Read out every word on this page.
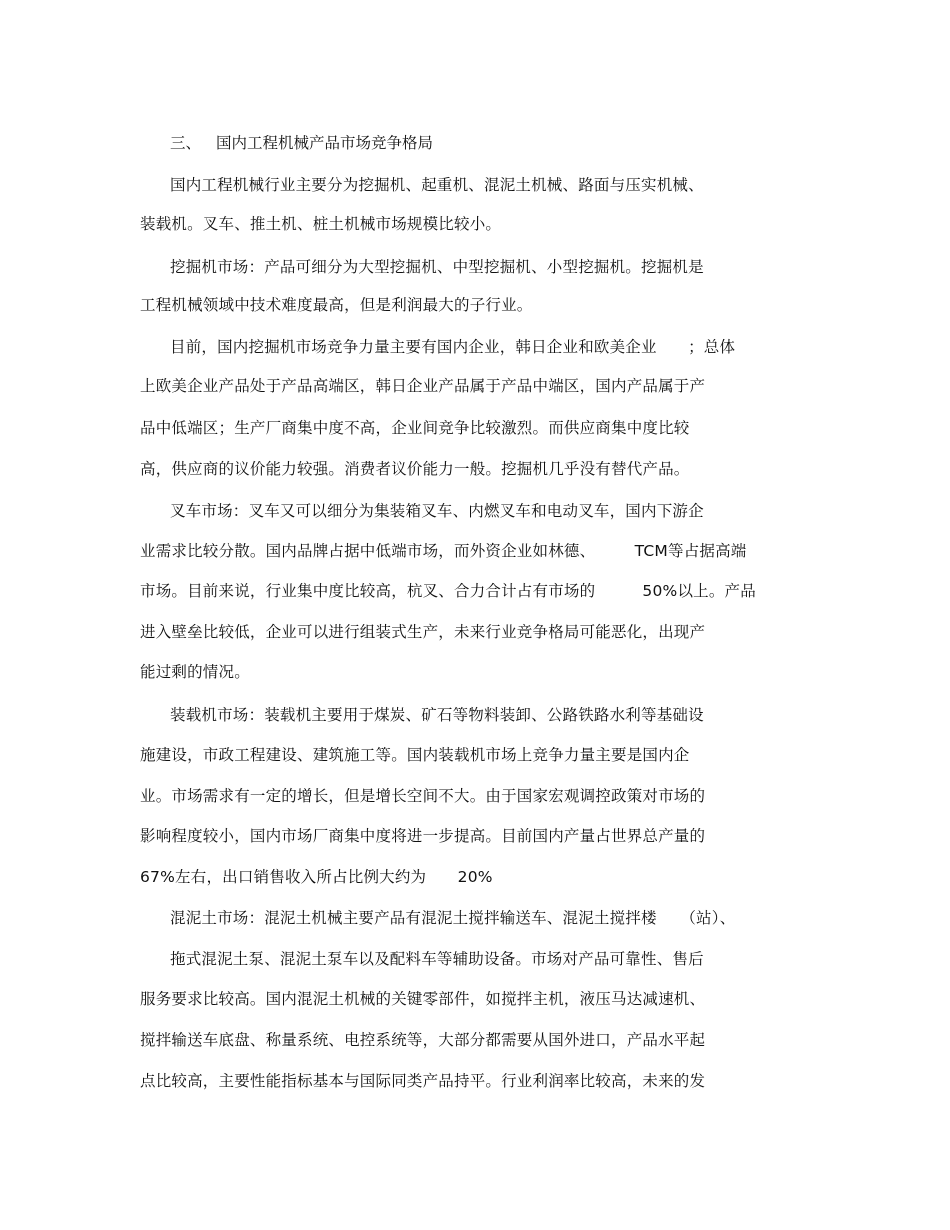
三、 国内工程机械产品市场竞争格局
国内工程机械行业主要分为挖掘机、起重机、混泥土机械、路面与压实机械、
装载机。叉车、推土机、桩土机械市场规模比较小。
挖掘机市场：产品可细分为大型挖掘机、中型挖掘机、小型挖掘机。挖掘机是
工程机械领域中技术难度最高，但是利润最大的子行业。
目前，国内挖掘机市场竞争力量主要有国内企业，韩日企业和欧美企业　　；总体
上欧美企业产品处于产品高端区，韩日企业产品属于产品中端区，国内产品属于产
品中低端区；生产厂商集中度不高，企业间竞争比较激烈。而供应商集中度比较
高，供应商的议价能力较强。消费者议价能力一般。挖掘机几乎没有替代产品。
叉车市场：叉车又可以细分为集装箱叉车、内燃叉车和电动叉车，国内下游企
业需求比较分散。国内品牌占据中低端市场，而外资企业如林德、　　　TCM等占据高端
市场。目前来说，行业集中度比较高，杭叉、合力合计占有市场的　　　50%以上。产品
进入壁垒比较低，企业可以进行组装式生产，未来行业竞争格局可能恶化，出现产
能过剩的情况。
装载机市场：装载机主要用于煤炭、矿石等物料装卸、公路铁路水利等基础设
施建设，市政工程建设、建筑施工等。国内装载机市场上竞争力量主要是国内企
业。市场需求有一定的增长，但是增长空间不大。由于国家宏观调控政策对市场的
影响程度较小，国内市场厂商集中度将进一步提高。目前国内产量占世界总产量的
67%左右，出口销售收入所占比例大约为　　20%
混泥土市场：混泥土机械主要产品有混泥土搅拌输送车、混泥土搅拌楼　　（站）、
拖式混泥土泵、混泥土泵车以及配料车等辅助设备。市场对产品可靠性、售后
服务要求比较高。国内混泥土机械的关键零部件，如搅拌主机，液压马达减速机、
搅拌输送车底盘、称量系统、电控系统等，大部分都需要从国外进口，产品水平起
点比较高，主要性能指标基本与国际同类产品持平。行业利润率比较高，未来的发
